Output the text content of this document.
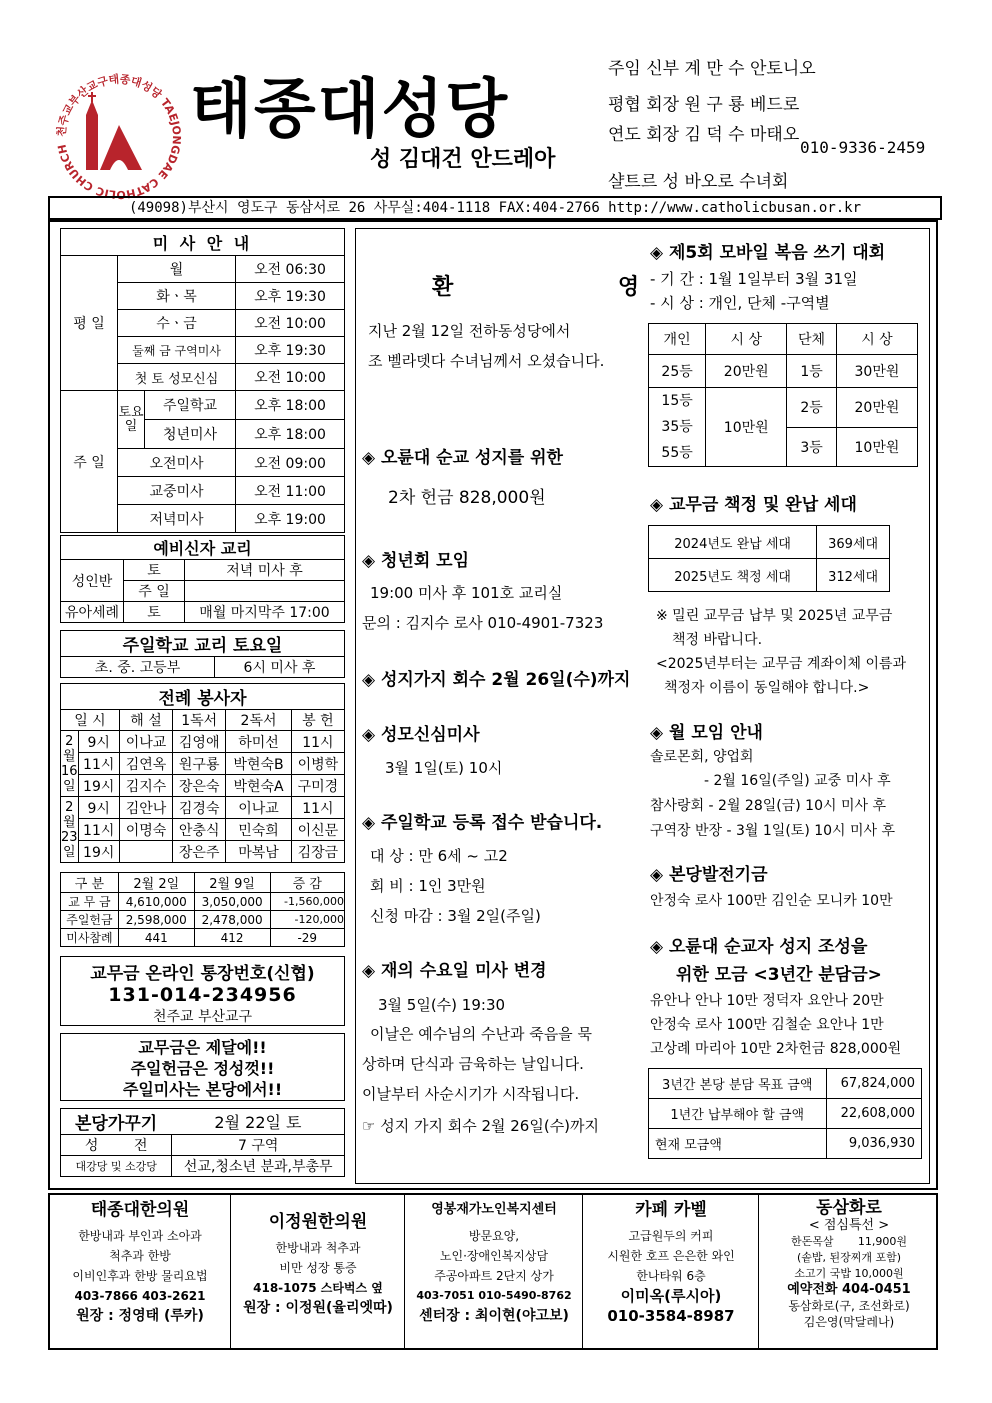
천주교부산교구태종대성당 TAEJONGDAE CATHOLIC CHURCH
태종대성당
성 김대건 안드레아
주임 신부 계 만 수 안토니오
평협 회장 원 구 룡 베드로
연도 회장 김 덕 수 마태오
010-9336-2459
샬트르 성 바오로 수녀회
(49098)부산시 영도구 동삼서로 26 사무실:404-1118 FAX:404-2766 http://www.catholicbusan.or.kr
미 사 안 내
평 일	
월	오전 06:30

화ㆍ목	오후 19:30

수ㆍ금	오전 10:00

둘째 금 구역미사	오후 19:30

첫 토 성모신심	오전 10:00

주 일	
토요일	주일학교	오후 18:00
청년미사	오후 18:00

오전미사	오전 09:00

교중미사	오전 11:00

저녁미사	오후 19:00
예비신자 교리		
성인반	토	저녁 미사 후
	주 일	
유아세례	토	매월 마지막주 17:00
주일학교 교리 토요일
초. 중. 고등부	6시 미사 후
전례 봉사자					
일 시		해 설	1독서	2독서	봉 헌
2월16일	9시	이나교	김영애	하미선	11시
	11시	김연옥	원구룡	박현숙B	이병학
	19시	김지수	장은숙	박현숙A	구미경
2월23일	9시	김안나	김경숙	이나교	11시
	11시	이명숙	안충식	민숙희	이신문
	19시		장은주	마복남	김장금
구 분	2월 2일	2월 9일	증 감
교 무 금	4,610,000	3,050,000	-1,560,000
주일헌금	2,598,000	2,478,000	-120,000
미사참례	441	412	-29
교무금 온라인 통장번호(신협)
131-014-234956
천주교 부산교구
교무금은 제달에!!
주일헌금은 정성껏!!
주일미사는 본당에서!!
본당가꾸기	2월 22일 토
성        전	7 구역
대강당 및 소강당	선교,청소년 분과,부총무
환          영
지난 2월 12일 전하동성당에서
조 벨라뎃다 수녀님께서 오셨습니다.
◈ 오륜대 순교 성지를 위한
2차 헌금 828,000원
◈ 청년회 모임
19:00 미사 후 101호 교리실
문의 : 김지수 로사 010-4901-7323
◈ 성지가지 회수 2월 26일(수)까지
◈ 성모신심미사
3월 1일(토) 10시
◈ 주일학교 등록 접수 받습니다.
대 상 : 만 6세 ~ 고2
회 비 : 1인 3만원
신청 마감 : 3월 2일(주일)
◈ 재의 수요일 미사 변경
3월 5일(수) 19:30
이날은 예수님의 수난과 죽음을 묵
상하며 단식과 금육하는 날입니다.
이날부터 사순시기가 시작됩니다.
☞ 성지 가지 회수 2월 26일(수)까지
◈ 제5회 모바일 복음 쓰기 대회
- 기 간 : 1월 1일부터 3월 31일
- 시 상 : 개인, 단체 -구역별
개인	시 상	단체	시 상
25등	20만원	1등	30만원

15등
35등
55등	10만원	2등	20만원
		3등	10만원
◈ 교무금 책정 및 완납 세대
2024년도 완납 세대	369세대
2025년도 책정 세대	312세대
※ 밀린 교무금 납부 및 2025년 교무금
책정 바랍니다.
<2025년부터는 교무금 계좌이체 이름과
책정자 이름이 동일해야 합니다.>
◈ 월 모임 안내
솔로몬회, 양업회
- 2월 16일(주일) 교중 미사 후
참사랑회 - 2월 28일(금) 10시 미사 후
구역장 반장 - 3월 1일(토) 10시 미사 후
◈ 본당발전기금
안정숙 로사 100만 김인순 모니카 10만
◈ 오륜대 순교자 성지 조성을
위한 모금 <3년간 분담금>
유안나 안나 10만 정덕자 요안나 20만
안정숙 로사 100만 김철순 요안나 1만
고상례 마리아 10만 2차헌금 828,000원
3년간 본당 분담 목표 금액	67,824,000
1년간 납부해야 할 금액	22,608,000
현재 모금액	9,036,930
태종대한의원
한방내과 부인과 소아과
척추과 한방
이비인후과 한방 물리요법
403-7866 403-2621
원장 : 정영태 (루카)
이정원한의원
한방내과 척추과
비만 성장 통증
418-1075 스타벅스 옆
원장 : 이정원(율리엣따)
영봉재가노인복지센터
방문요양,
노인·장애인복지상담
주공아파트 2단지 상가
403-7051 010-5490-8762
센터장 : 최이현(야고보)
카페 카벨
고급원두의 커피
시원한 호프 은은한 와인
한나타워 6층
이미옥(루시아)
010-3584-8987
동삼화로
< 점심특선 >
한돈목살       11,900원
(솥밥, 된장찌개 포함)
소고기 국밥 10,000원
예약전화 404-0451
동삼화로(구, 조선화로)
김은영(막달레나)
